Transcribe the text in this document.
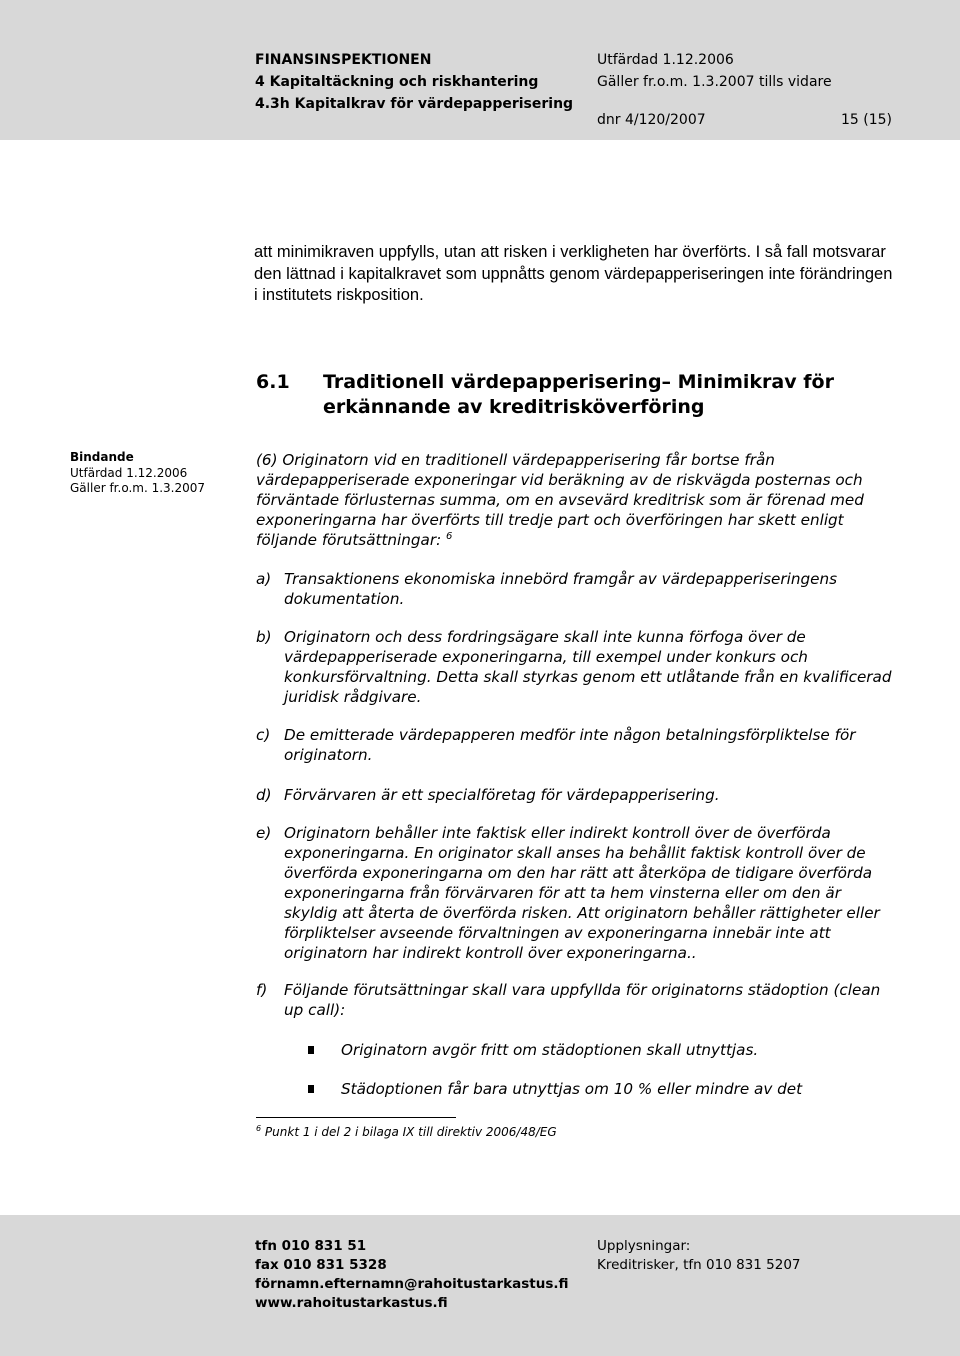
FINANSINSPEKTIONEN
4 Kapitaltäckning och riskhantering
4.3h Kapitalkrav för värdepapperisering
Utfärdad 1.12.2006
Gäller fr.o.m. 1.3.2007 tills vidare
dnr 4/120/2007	15 (15)
att minimikraven uppfylls, utan att risken i verkligheten har överförts. I så fall motsvarar den lättnad i kapitalkravet som uppnåtts genom värdepapperiseringen inte förändringen i institutets riskposition.
6.1 Traditionell värdepapperisering– Minimikrav för erkännande av kreditrisköverföring
Bindande
Utfärdad 1.12.2006
Gäller fr.o.m. 1.3.2007
(6) Originatorn vid en traditionell värdepapperisering får bortse från värdepapperiserade exponeringar vid beräkning av de riskvägda posternas och förväntade förlusternas summa, om en avsevärd kreditrisk som är förenad med exponeringarna har överförts till tredje part och överföringen har skett enligt följande förutsättningar: $^6$
a) Transaktionens ekonomiska innebörd framgår av värdepapperiseringens dokumentation.
b) Originatorn och dess fordringsägare skall inte kunna förfoga över de värdepapperiserade exponeringarna, till exempel under konkurs och konkursförvaltning. Detta skall styrkas genom ett utlåtande från en kvalificerad juridisk rådgivare.
c) De emitterade värdepapperen medför inte någon betalningsförpliktelse för originatorn.
d) Förvärvaren är ett specialföretag för värdepapperisering.
e) Originatorn behåller inte faktisk eller indirekt kontroll över de överförda exponeringarna. En originator skall anses ha behållit faktisk kontroll över de överförda exponeringarna om den har rätt att återköpa de tidigare överförda exponeringarna från förvärvaren för att ta hem vinsterna eller om den är skyldig att återta de överförda risken. Att originatorn behåller rättigheter eller förpliktelser avseende förvaltningen av exponeringarna innebär inte att originatorn har indirekt kontroll över exponeringarna..
f) Följande förutsättningar skall vara uppfyllda för originatorns städoption (clean up call):
Originatorn avgör fritt om städoptionen skall utnyttjas.
Städoptionen får bara utnyttjas om 10 % eller mindre av det
$^6$ Punkt 1 i del 2 i bilaga IX till direktiv 2006/48/EG
tfn 010 831 51
fax 010 831 5328
förnamn.efternamn@rahoitustarkastus.fi
www.rahoitustarkastus.fi
Upplysningar:
Kreditrisker, tfn 010 831 5207
